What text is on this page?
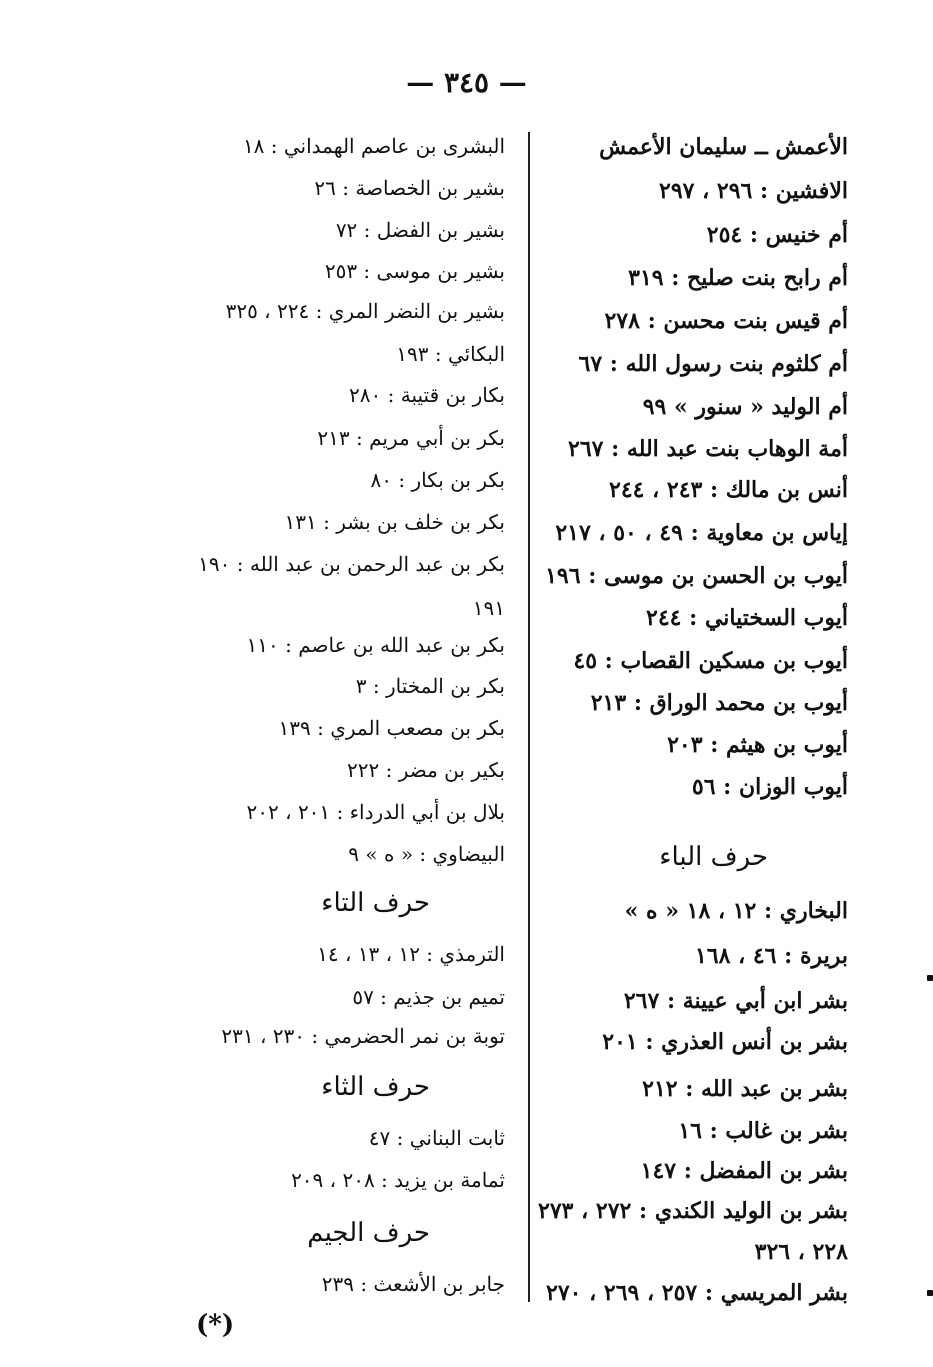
— ٣٤٥ —
الأعمش ــ سليمان الأعمش
الافشين : ٢٩٦ ، ٢٩٧
أم خنيس : ٢٥٤
أم رابح بنت صليح : ٣١٩
أم قيس بنت محسن : ٢٧٨
أم كلثوم بنت رسول الله : ٦٧
أم الوليد « سنور » ٩٩
أمة الوهاب بنت عبد الله : ٢٦٧
أنس بن مالك : ٢٤٣ ، ٢٤٤
إياس بن معاوية : ٤٩ ، ٥٠ ، ٢١٧
أيوب بن الحسن بن موسى : ١٩٦
أيوب السختياني : ٢٤٤
أيوب بن مسكين القصاب : ٤٥
أيوب بن محمد الوراق : ٢١٣
أيوب بن هيثم : ٢٠٣
أيوب الوزان : ٥٦
حرف الباء
البخاري : ١٢ ، ١٨ « ه »
بريرة : ٤٦ ، ١٦٨
بشر ابن أبي عيينة : ٢٦٧
بشر بن أنس العذري : ٢٠١
بشر بن عبد الله : ٢١٢
بشر بن غالب : ١٦
بشر بن المفضل : ١٤٧
بشر بن الوليد الكندي : ٢٧٢ ، ٢٧٣
٢٢٨ ، ٣٢٦
بشر المريسي : ٢٥٧ ، ٢٦٩ ، ٢٧٠
البشرى بن عاصم الهمداني : ١٨
بشير بن الخصاصة : ٢٦
بشير بن الفضل : ٧٢
بشير بن موسى : ٢٥٣
بشير بن النضر المري : ٢٢٤ ، ٣٢٥
البكائي : ١٩٣
بكار بن قتيبة : ٢٨٠
بكر بن أبي مريم : ٢١٣
بكر بن بكار : ٨٠
بكر بن خلف بن بشر : ١٣١
بكر بن عبد الرحمن بن عبد الله : ١٩٠
١٩١
بكر بن عبد الله بن عاصم : ١١٠
بكر بن المختار : ٣
بكر بن مصعب المري : ١٣٩
بكير بن مضر : ٢٢٢
بلال بن أبي الدرداء : ٢٠١ ، ٢٠٢
البيضاوي : « ه » ٩
حرف التاء
الترمذي : ١٢ ، ١٣ ، ١٤
تميم بن جذيم : ٥٧
توبة بن نمر الحضرمي : ٢٣٠ ، ٢٣١
حرف الثاء
ثابت البناني : ٤٧
ثمامة بن يزيد : ٢٠٨ ، ٢٠٩
حرف الجيم
جابر بن الأشعث : ٢٣٩
(*)
